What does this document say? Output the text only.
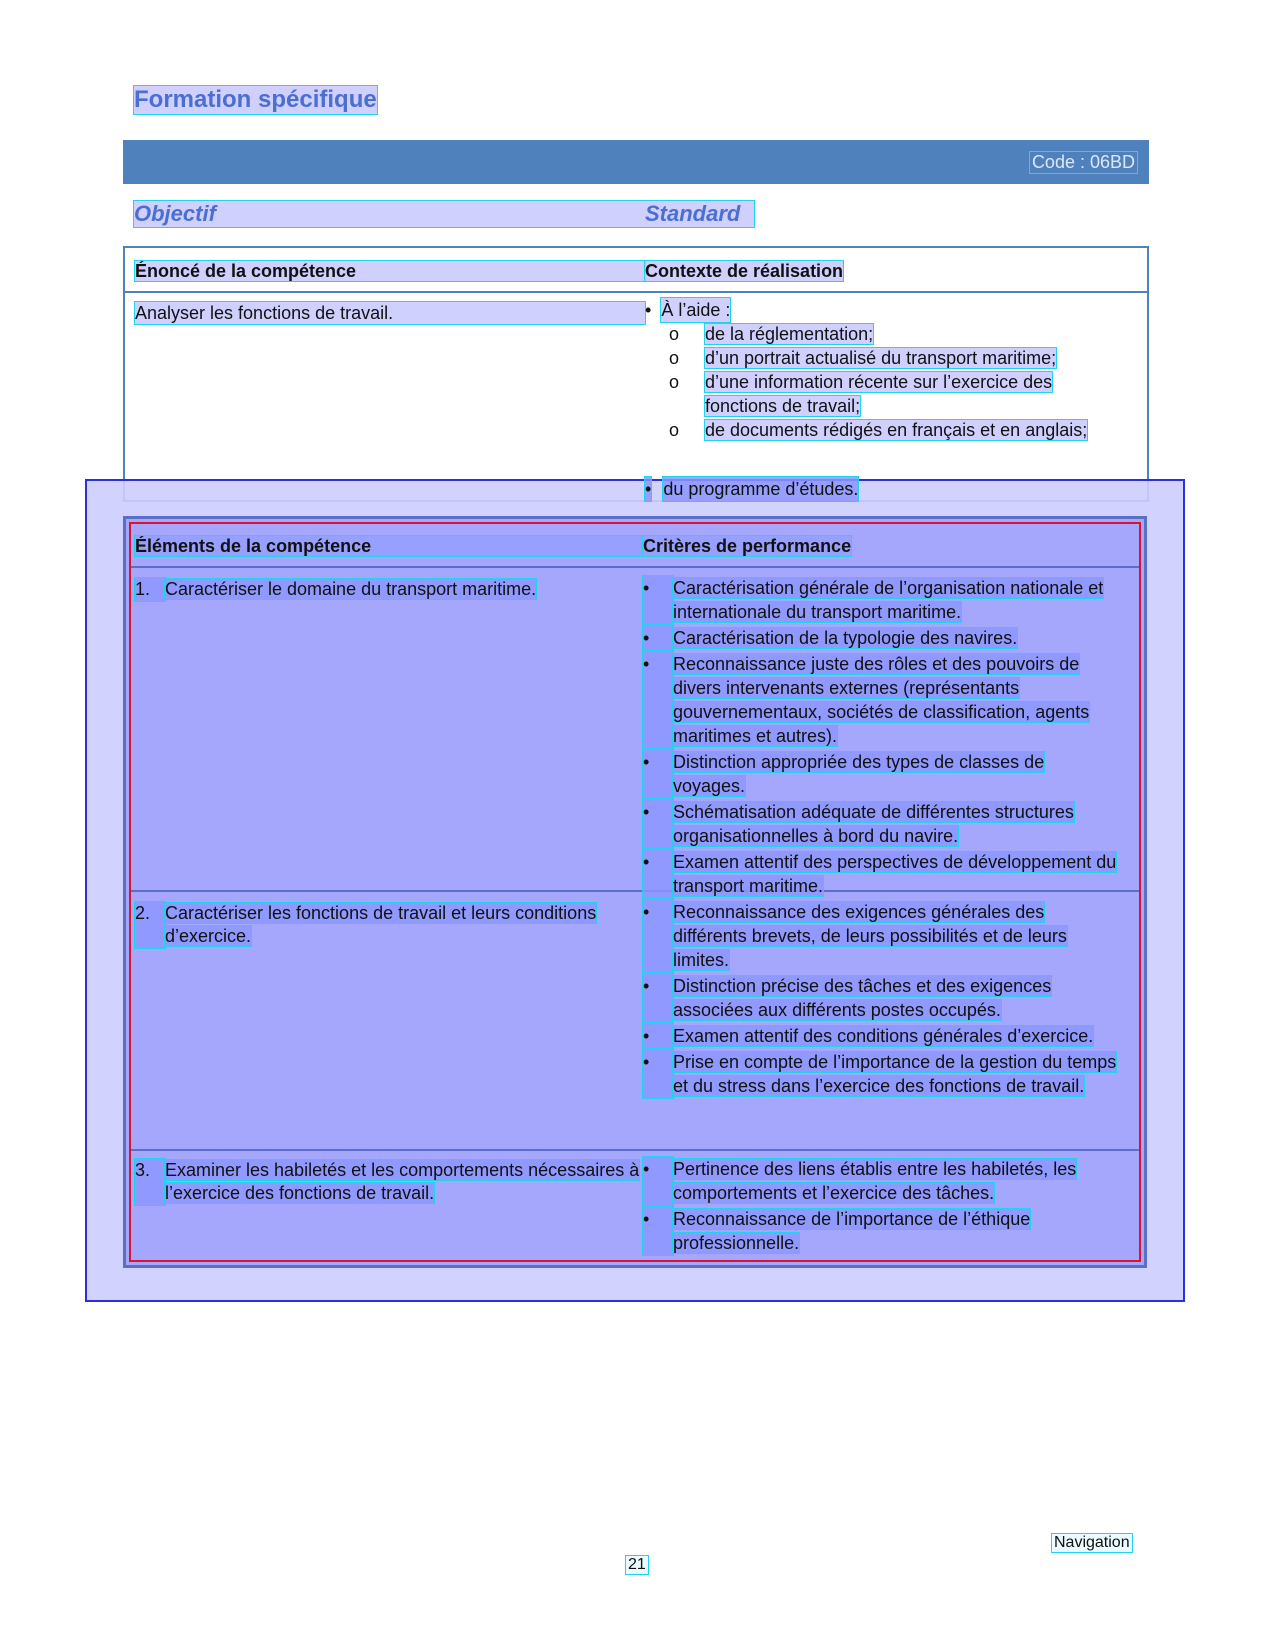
Formation spécifique
Code : 06BD
Objectif	Standard
Énoncé de la compétence	Contexte de réalisation
Analyser les fonctions de travail.	• À l’aide :
o	de la réglementation;
o	d’un portrait actualisé du transport maritime;
o	d’une information récente sur l’exercice des fonctions de travail;
o	de documents rédigés en français et en anglais;
• du programme d’études.
Éléments de la compétence	Critères de performance
1. Caractériser le domaine du transport maritime.	•	Caractérisation générale de l’organisation nationale et internationale du transport maritime.
•	Caractérisation de la typologie des navires.
•	Reconnaissance juste des rôles et des pouvoirs de divers intervenants externes (représentants gouvernementaux, sociétés de classification, agents maritimes et autres).
•	Distinction appropriée des types de classes de voyages.
•	Schématisation adéquate de différentes structures organisationnelles à bord du navire.
•	Examen attentif des perspectives de développement du transport maritime.
2. Caractériser les fonctions de travail et leurs conditions d’exercice.
•	Reconnaissance des exigences générales des différents brevets, de leurs possibilités et de leurs limites.
•	Distinction précise des tâches et des exigences associées aux différents postes occupés.
•	Examen attentif des conditions générales d’exercice.
•	Prise en compte de l’importance de la gestion du temps et du stress dans l’exercice des fonctions de travail.
3. Examiner les habiletés et les comportements nécessaires à l’exercice des fonctions de travail.
•	Pertinence des liens établis entre les habiletés, les comportements et l’exercice des tâches.
•	Reconnaissance de l’importance de l’éthique professionnelle.
Navigation
21
